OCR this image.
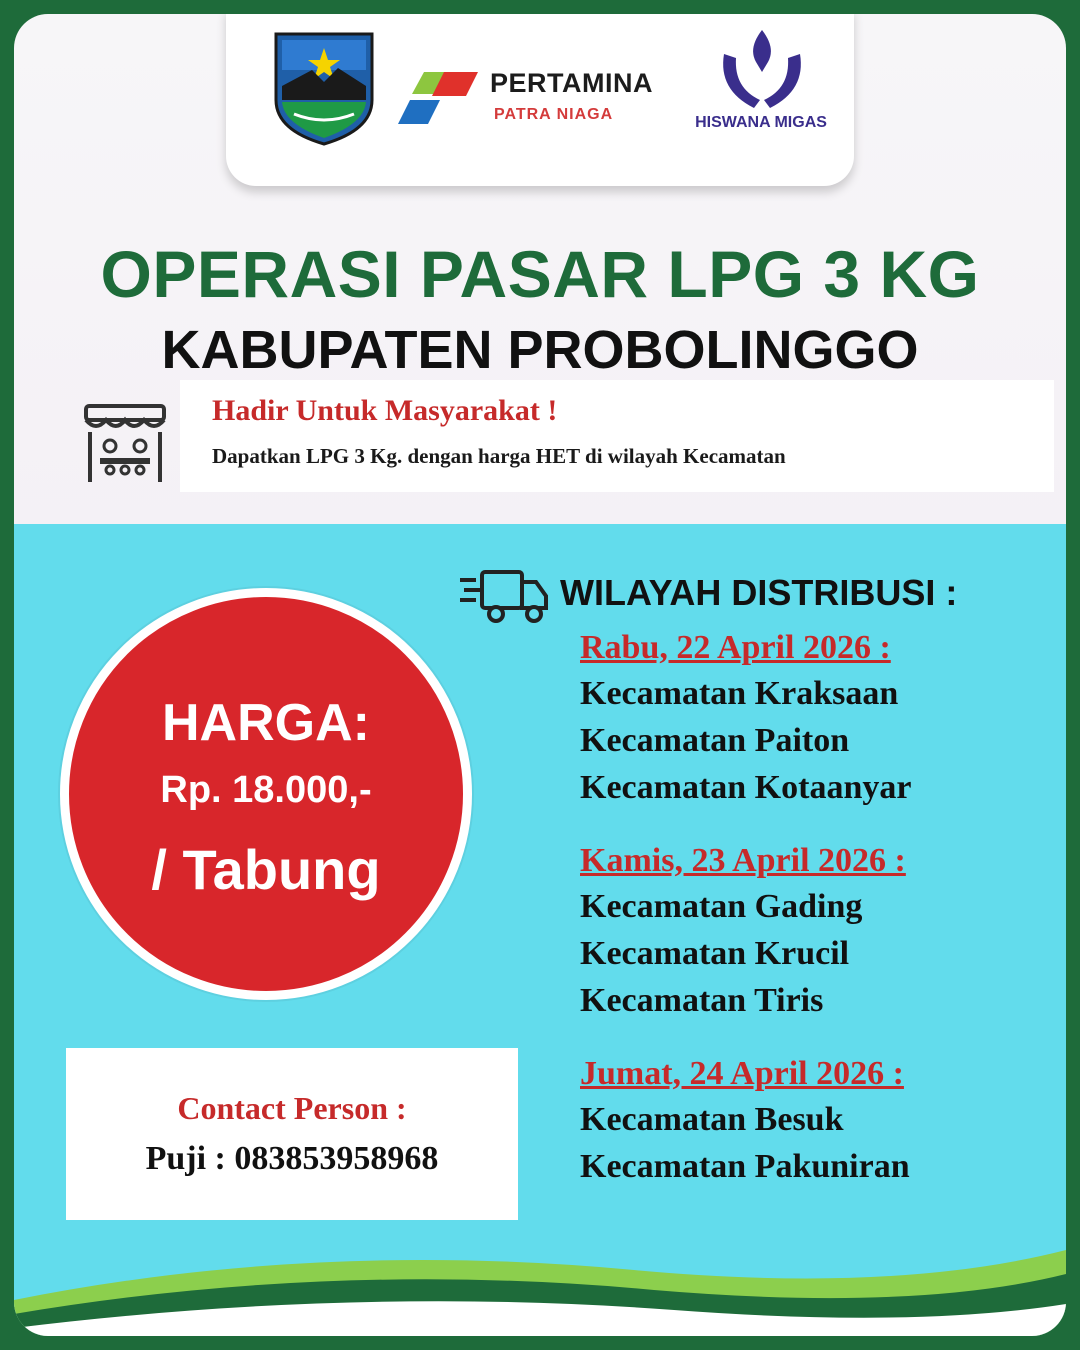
PERTAMINA
PATRA NIAGA	HISWANA MIGAS
OPERASI PASAR LPG 3 KG
KABUPATEN PROBOLINGGO
Hadir Untuk Masyarakat !
Dapatkan LPG 3 Kg. dengan harga HET di wilayah Kecamatan
HARGA:
Rp. 18.000,-
/ Tabung
Contact Person :
Puji : 083853958968
WILAYAH DISTRIBUSI :
Rabu, 22 April 2026 :
Kecamatan Kraksaan
Kecamatan Paiton
Kecamatan Kotaanyar
Kamis, 23 April 2026 :
Kecamatan Gading
Kecamatan Krucil
Kecamatan Tiris
Jumat, 24 April 2026 :
Kecamatan Besuk
Kecamatan Pakuniran
